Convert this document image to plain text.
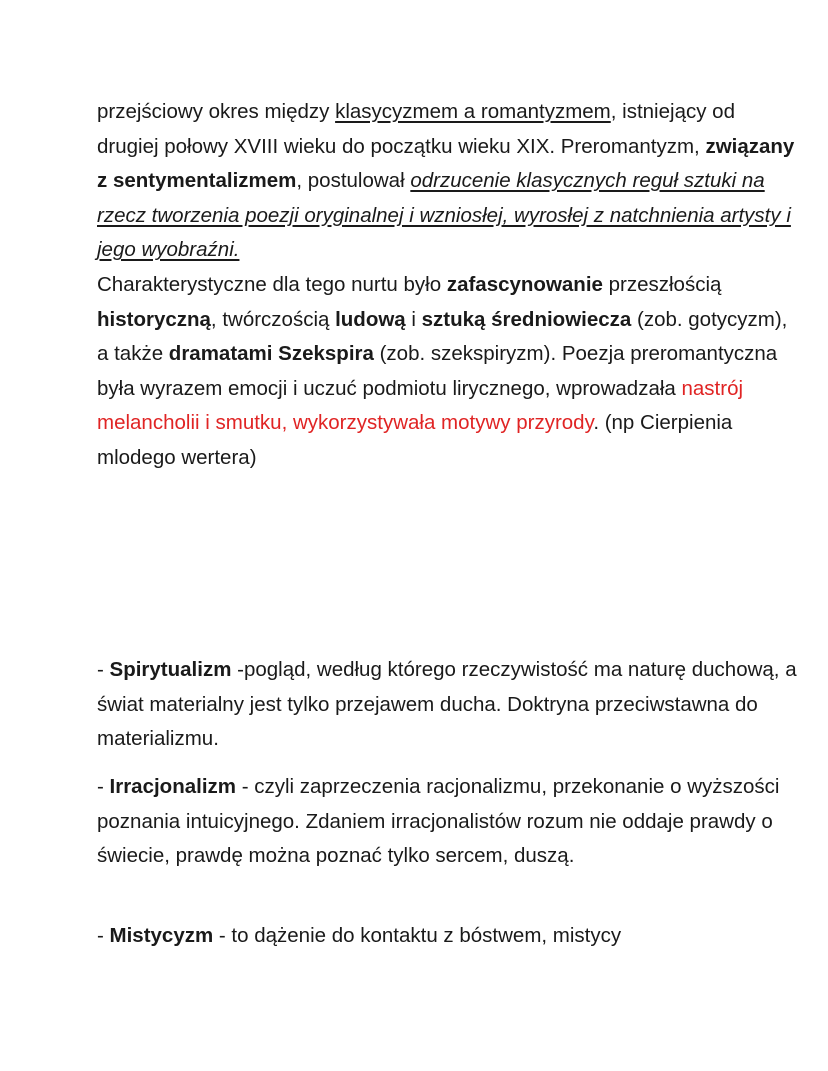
przejściowy okres między klasycyzmem a romantyzmem, istniejący od drugiej połowy XVIII wieku do początku wieku XIX. Preromantyzm, związany z sentymentalizmem, postulował odrzucenie klasycznych reguł sztuki na rzecz tworzenia poezji oryginalnej i wzniosłej, wyrosłej z natchnienia artysty i jego wyobraźni.
Charakterystyczne dla tego nurtu było zafascynowanie przeszłością historyczną, twórczością ludową i sztuką średniowiecza (zob. gotycyzm), a także dramatami Szekspira (zob. szekspiryzm). Poezja preromantyczna była wyrazem emocji i uczuć podmiotu lirycznego, wprowadzała nastrój melancholii i smutku, wykorzystywała motywy przyrody. (np Cierpienia mlodego wertera)

- Spirytualizm -pogląd, według którego rzeczywistość ma naturę duchową, a świat materialny jest tylko przejawem ducha. Doktryna przeciwstawna do materializmu.

- Irracjonalizm - czyli zaprzeczenia racjonalizmu, przekonanie o wyższości poznania intuicyjnego. Zdaniem irracjonalistów rozum nie oddaje prawdy o świecie, prawdę można poznać tylko sercem, duszą.

- Mistycyzm - to dążenie do kontaktu z bóstwem, mistycy
